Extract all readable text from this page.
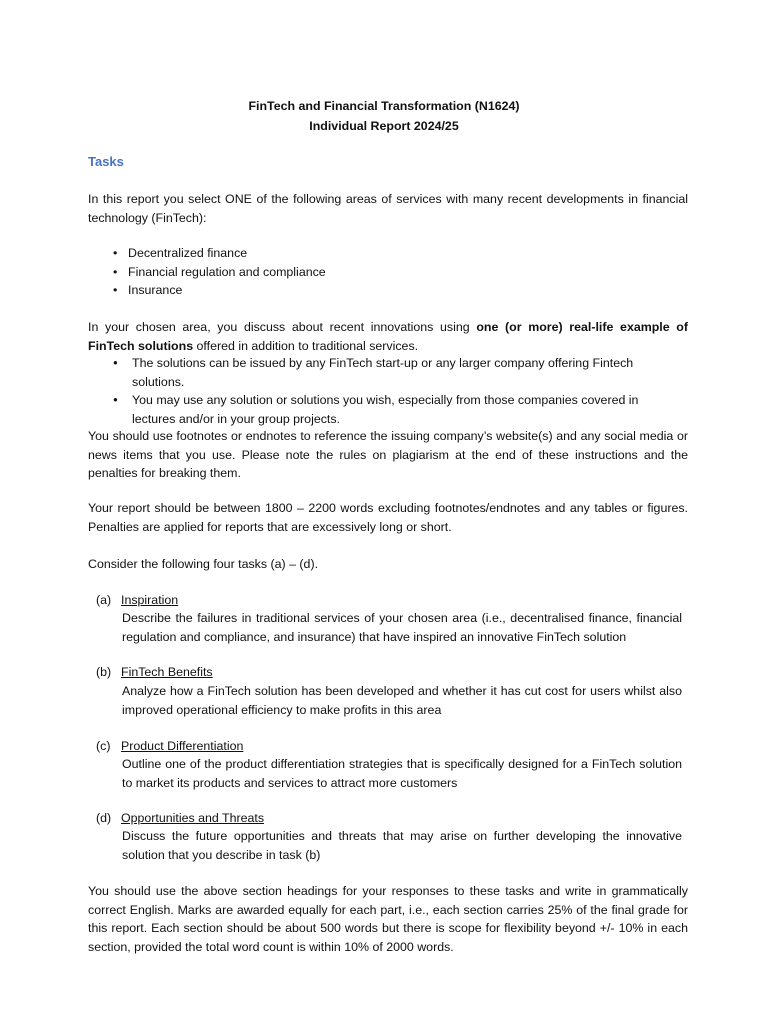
FinTech and Financial Transformation (N1624)
Individual Report 2024/25
Tasks
In this report you select ONE of the following areas of services with many recent developments in financial technology (FinTech):
• Decentralized finance
• Financial regulation and compliance
• Insurance
In your chosen area, you discuss about recent innovations using one (or more) real-life example of FinTech solutions offered in addition to traditional services.
● The solutions can be issued by any FinTech start-up or any larger company offering Fintech solutions.
● You may use any solution or solutions you wish, especially from those companies covered in lectures and/or in your group projects.
You should use footnotes or endnotes to reference the issuing company’s website(s) and any social media or news items that you use. Please note the rules on plagiarism at the end of these instructions and the penalties for breaking them.
Your report should be between 1800 – 2200 words excluding footnotes/endnotes and any tables or figures. Penalties are applied for reports that are excessively long or short.
Consider the following four tasks (a) – (d).
(a) Inspiration
Describe the failures in traditional services of your chosen area (i.e., decentralised finance, financial regulation and compliance, and insurance) that have inspired an innovative FinTech solution
(b) FinTech Benefits
Analyze how a FinTech solution has been developed and whether it has cut cost for users whilst also improved operational efficiency to make profits in this area
(c) Product Differentiation
Outline one of the product differentiation strategies that is specifically designed for a FinTech solution to market its products and services to attract more customers
(d) Opportunities and Threats
Discuss the future opportunities and threats that may arise on further developing the innovative solution that you describe in task (b)
You should use the above section headings for your responses to these tasks and write in grammatically correct English. Marks are awarded equally for each part, i.e., each section carries 25% of the final grade for this report. Each section should be about 500 words but there is scope for flexibility beyond +/- 10% in each section, provided the total word count is within 10% of 2000 words.
